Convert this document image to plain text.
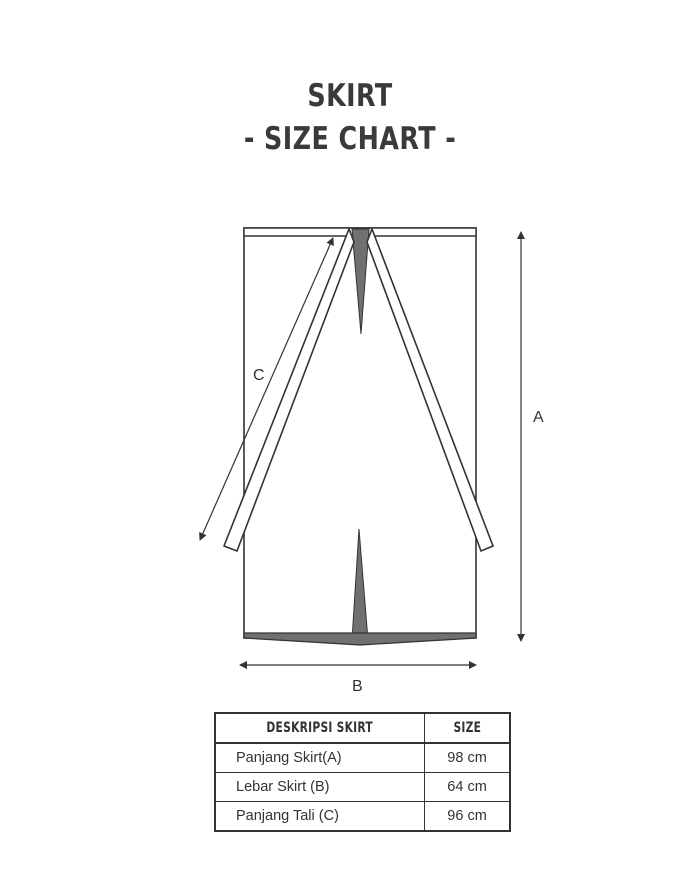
SKIRT
- SIZE CHART -
A
B
C
DESKRIPSI SKIRT	SIZE
Panjang Skirt(A)	98 cm
Lebar Skirt (B)	64 cm
Panjang Tali (C)	96 cm
